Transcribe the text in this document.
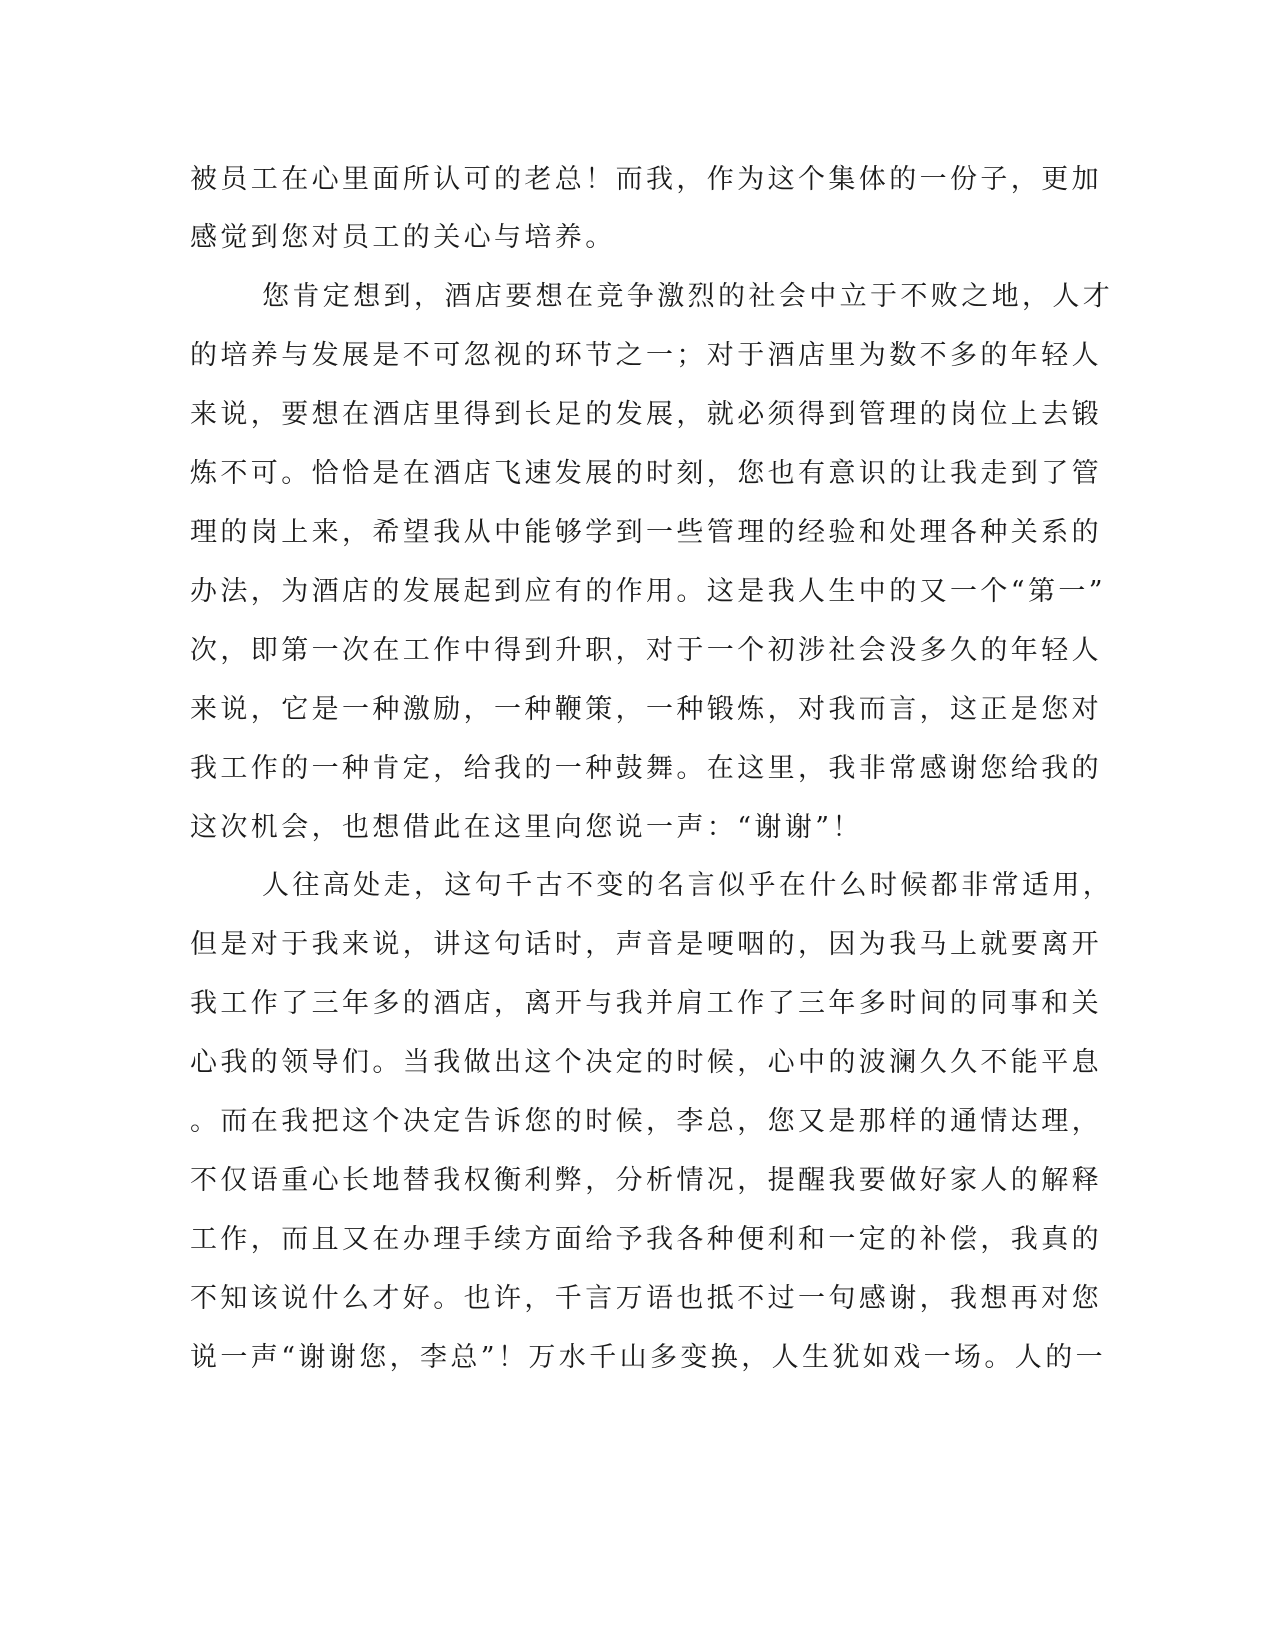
被员工在心里面所认可的老总！而我，作为这个集体的一份子，更加
感觉到您对员工的关心与培养。
您肯定想到，酒店要想在竞争激烈的社会中立于不败之地，人才
的培养与发展是不可忽视的环节之一；对于酒店里为数不多的年轻人
来说，要想在酒店里得到长足的发展，就必须得到管理的岗位上去锻
炼不可。恰恰是在酒店飞速发展的时刻，您也有意识的让我走到了管
理的岗上来，希望我从中能够学到一些管理的经验和处理各种关系的
办法，为酒店的发展起到应有的作用。这是我人生中的又一个“第一”
次，即第一次在工作中得到升职，对于一个初涉社会没多久的年轻人
来说，它是一种激励，一种鞭策，一种锻炼，对我而言，这正是您对
我工作的一种肯定，给我的一种鼓舞。在这里，我非常感谢您给我的
这次机会，也想借此在这里向您说一声：“谢谢”！
人往高处走，这句千古不变的名言似乎在什么时候都非常适用，
但是对于我来说，讲这句话时，声音是哽咽的，因为我马上就要离开
我工作了三年多的酒店，离开与我并肩工作了三年多时间的同事和关
心我的领导们。当我做出这个决定的时候，心中的波澜久久不能平息
。而在我把这个决定告诉您的时候，李总，您又是那样的通情达理，
不仅语重心长地替我权衡利弊，分析情况，提醒我要做好家人的解释
工作，而且又在办理手续方面给予我各种便利和一定的补偿，我真的
不知该说什么才好。也许，千言万语也抵不过一句感谢，我想再对您
说一声“谢谢您，李总”！万水千山多变换，人生犹如戏一场。人的一
